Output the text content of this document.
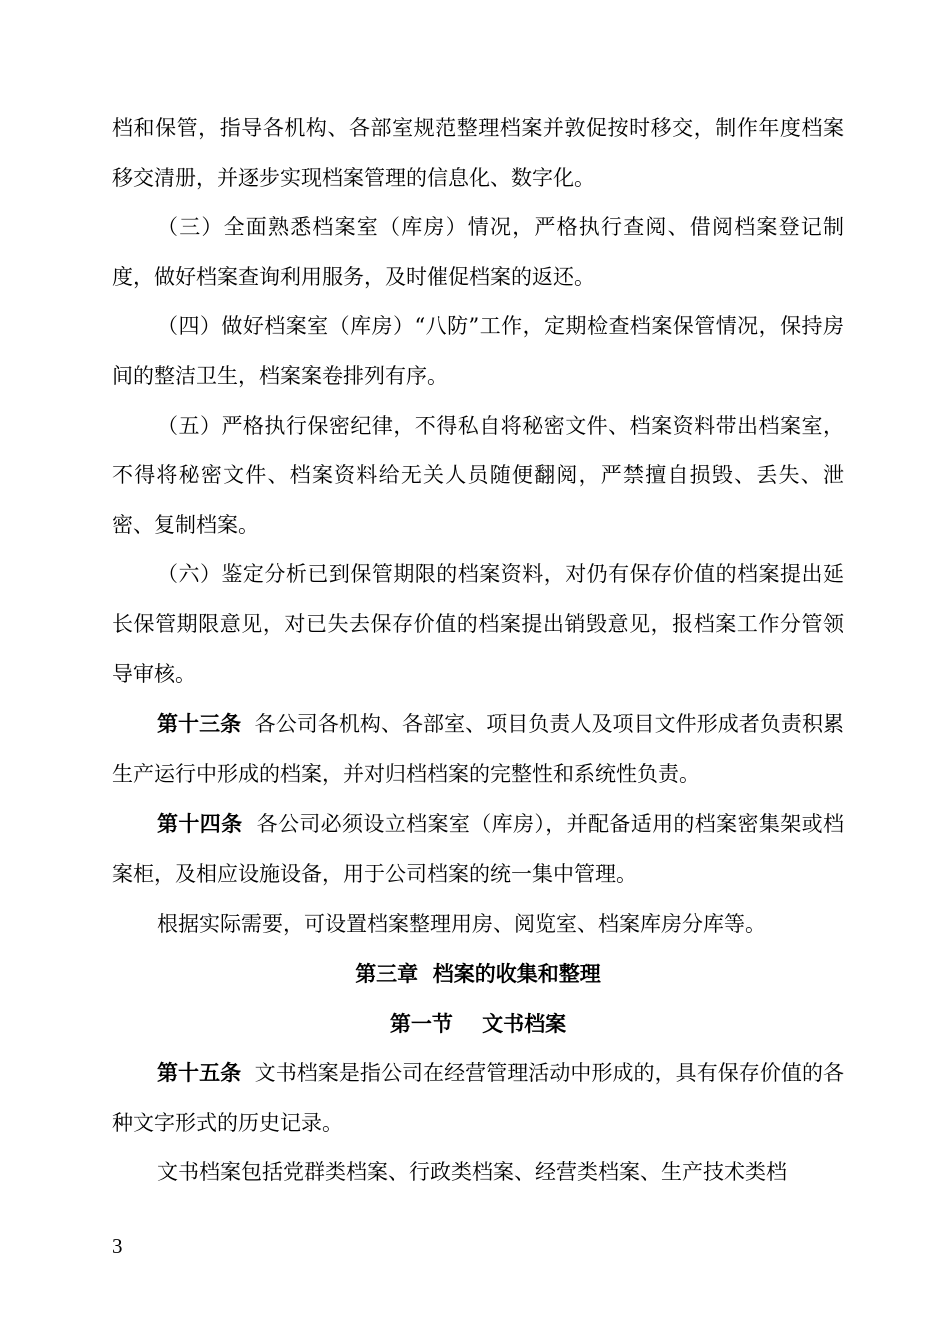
档和保管，指导各机构、各部室规范整理档案并敦促按时移交，制作年度档案移交清册，并逐步实现档案管理的信息化、数字化。

（三）全面熟悉档案室（库房）情况，严格执行查阅、借阅档案登记制度，做好档案查询利用服务，及时催促档案的返还。

（四）做好档案室（库房）“八防”工作，定期检查档案保管情况，保持房间的整洁卫生，档案案卷排列有序。

（五）严格执行保密纪律，不得私自将秘密文件、档案资料带出档案室，不得将秘密文件、档案资料给无关人员随便翻阅，严禁擅自损毁、丢失、泄密、复制档案。

（六）鉴定分析已到保管期限的档案资料，对仍有保存价值的档案提出延长保管期限意见，对已失去保存价值的档案提出销毁意见，报档案工作分管领导审核。

第十三条 各公司各机构、各部室、项目负责人及项目文件形成者负责积累生产运行中形成的档案，并对归档档案的完整性和系统性负责。

第十四条 各公司必须设立档案室（库房），并配备适用的档案密集架或档案柜，及相应设施设备，用于公司档案的统一集中管理。

根据实际需要，可设置档案整理用房、阅览室、档案库房分库等。

第三章  档案的收集和整理

第一节    文书档案

第十五条 文书档案是指公司在经营管理活动中形成的，具有保存价值的各种文字形式的历史记录。

文书档案包括党群类档案、行政类档案、经营类档案、生产技术类档

3
